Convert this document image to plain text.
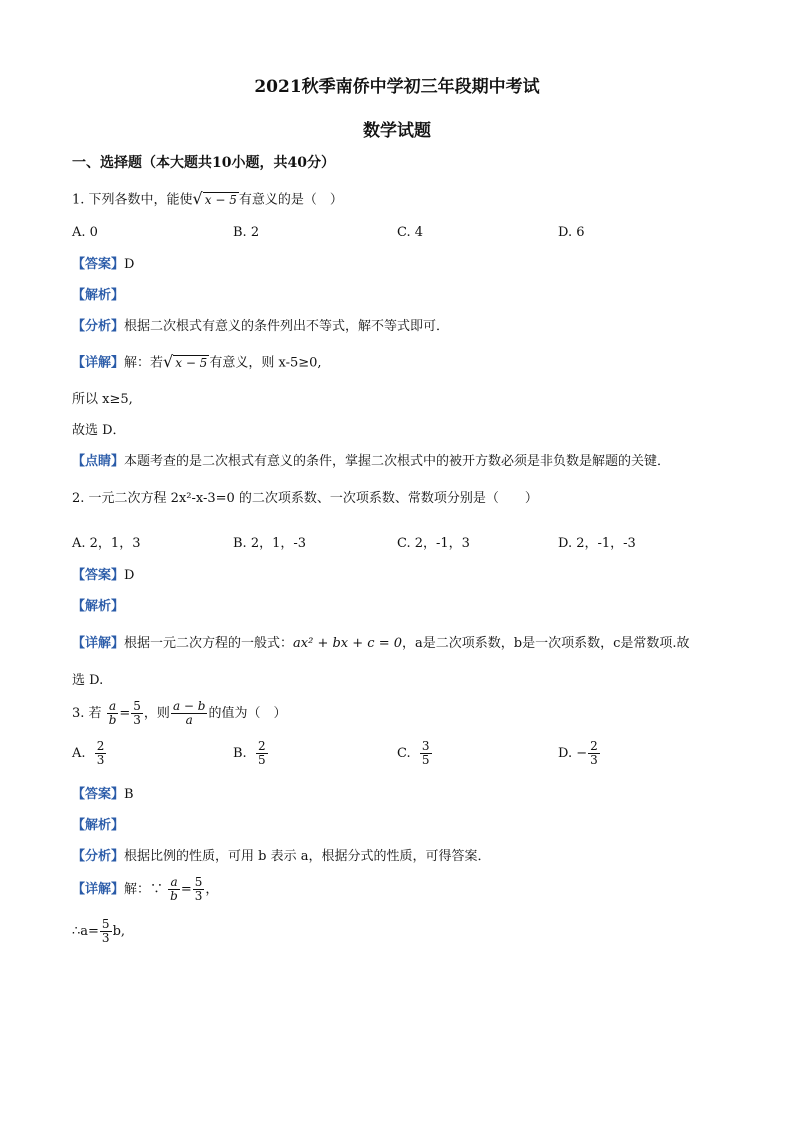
2021秋季南侨中学初三年段期中考试
数学试题
一、选择题（本大题共10小题，共40分）
1. 下列各数中，能使√ x − 5 有意义的是（　）
A. 0	B. 2	C. 4	D. 6
【答案】D
【解析】
【分析】根据二次根式有意义的条件列出不等式，解不等式即可．
【详解】解：若√ x − 5 有意义，则 x-5≥0,
所以 x≥5,
故选 D．
【点睛】本题考查的是二次根式有意义的条件，掌握二次根式中的被开方数必须是非负数是解题的关键．
2. 一元二次方程 2x²-x-3=0 的二次项系数、一次项系数、常数项分别是（　　）
A. 2，1，3	B. 2，1，-3	C. 2，-1，3	D. 2，-1，-3
【答案】D
【解析】
【详解】根据一元二次方程的一般式：ax² + bx + c = 0，a是二次项系数，b是一次项系数，c是常数项.故
选 D.
3. 若 $\frac{a}{b} = \frac{5}{3}$ ，则 $\frac{a - b}{a}$ 的值为（　）
A. $\frac{2}{3}$	B. $\frac{2}{5}$	C. $\frac{3}{5}$	D. − $\frac{2}{3}$
【答案】B
【解析】
【分析】根据比例的性质，可用 b 表示 a，根据分式的性质，可得答案．
【详解】解：∵ $\frac{a}{b} = \frac{5}{3}$ ，
∴a= $\frac{5}{3} b$,
